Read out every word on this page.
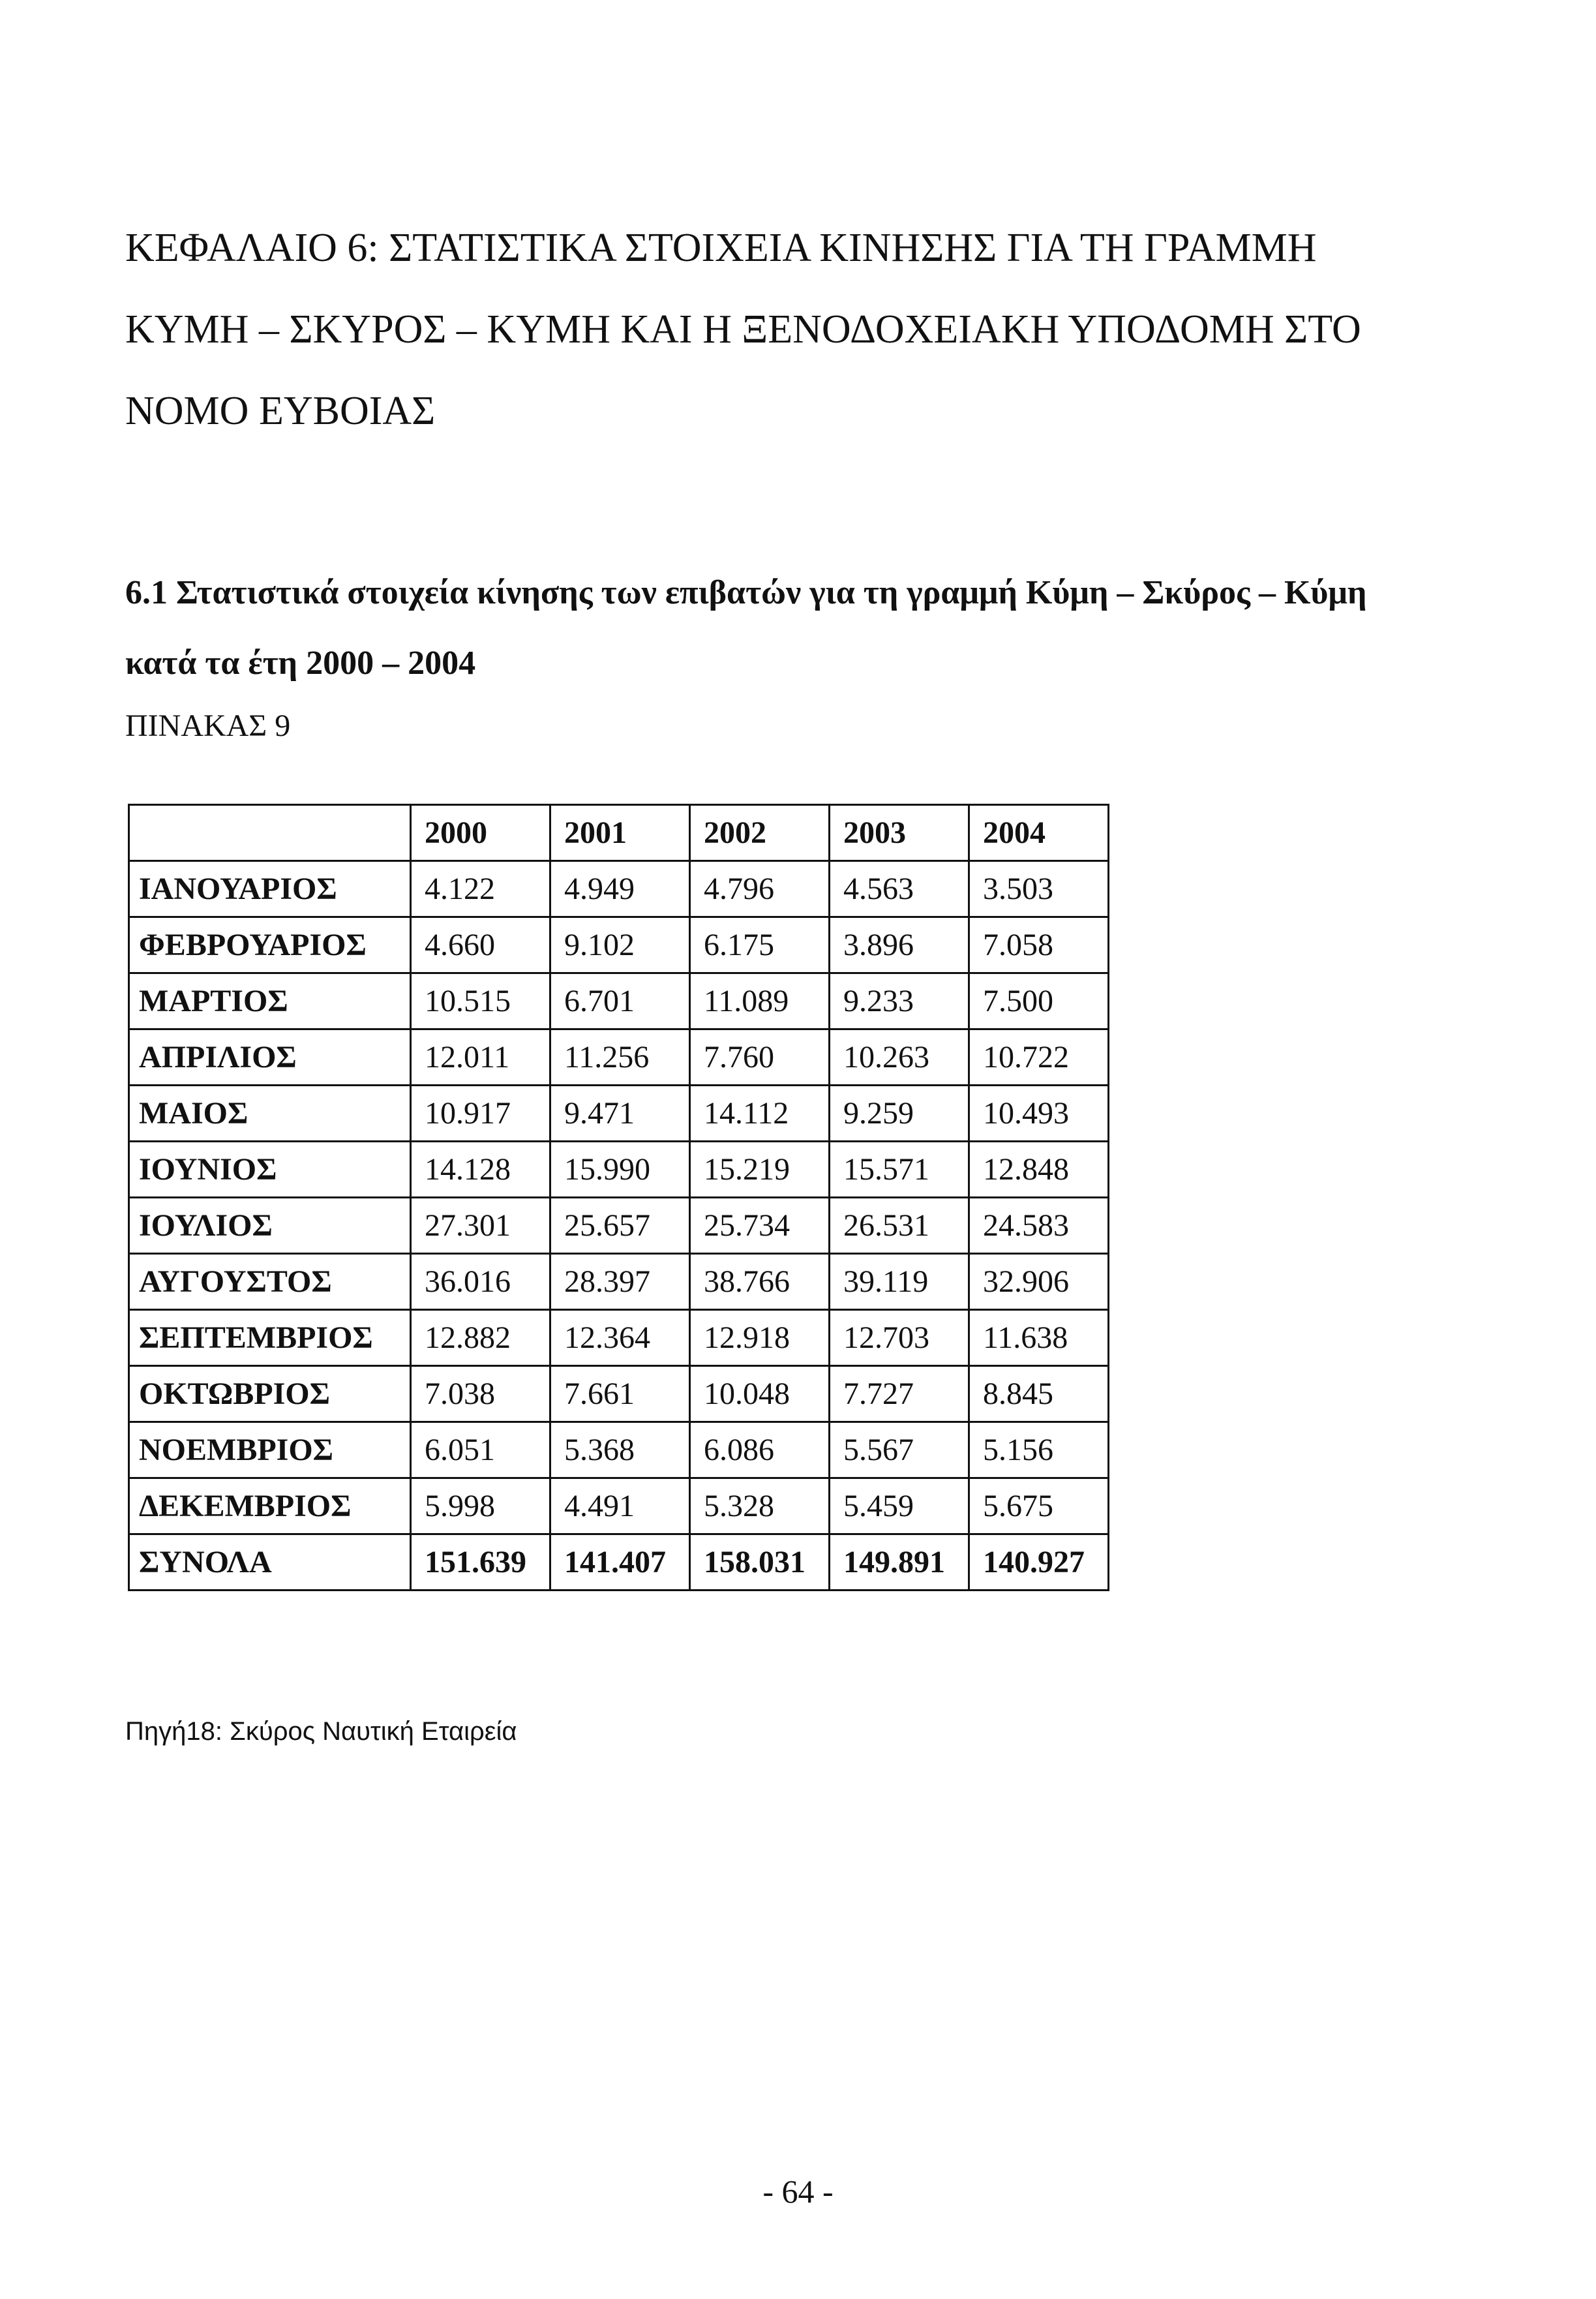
ΚΕΦΑΛΑΙΟ 6: ΣΤΑΤΙΣΤΙΚΑ ΣΤΟΙΧΕΙΑ ΚΙΝΗΣΗΣ ΓΙΑ ΤΗ ΓΡΑΜΜΗ
ΚΥΜΗ – ΣΚΥΡΟΣ – ΚΥΜΗ ΚΑΙ Η ΞΕΝΟΔΟΧΕΙΑΚΗ ΥΠΟΔΟΜΗ ΣΤΟ
ΝΟΜΟ ΕΥΒΟΙΑΣ
6.1 Στατιστικά στοιχεία κίνησης των επιβατών για τη γραμμή Κύμη – Σκύρος – Κύμη
κατά τα έτη 2000 – 2004
ΠΙΝΑΚΑΣ 9
	2000	2001	2002	2003	2004
ΙΑΝΟΥΑΡΙΟΣ	4.122	4.949	4.796	4.563	3.503
ΦΕΒΡΟΥΑΡΙΟΣ	4.660	9.102	6.175	3.896	7.058
ΜΑΡΤΙΟΣ	10.515	6.701	11.089	9.233	7.500
ΑΠΡΙΛΙΟΣ	12.011	11.256	7.760	10.263	10.722
ΜΑΙΟΣ	10.917	9.471	14.112	9.259	10.493
ΙΟΥΝΙΟΣ	14.128	15.990	15.219	15.571	12.848
ΙΟΥΛΙΟΣ	27.301	25.657	25.734	26.531	24.583
ΑΥΓΟΥΣΤΟΣ	36.016	28.397	38.766	39.119	32.906
ΣΕΠΤΕΜΒΡΙΟΣ	12.882	12.364	12.918	12.703	11.638
ΟΚΤΩΒΡΙΟΣ	7.038	7.661	10.048	7.727	8.845
ΝΟΕΜΒΡΙΟΣ	6.051	5.368	6.086	5.567	5.156
ΔΕΚΕΜΒΡΙΟΣ	5.998	4.491	5.328	5.459	5.675
ΣΥΝΟΛΑ	151.639	141.407	158.031	149.891	140.927
Πηγή18: Σκύρος Ναυτική Εταιρεία
- 64 -
